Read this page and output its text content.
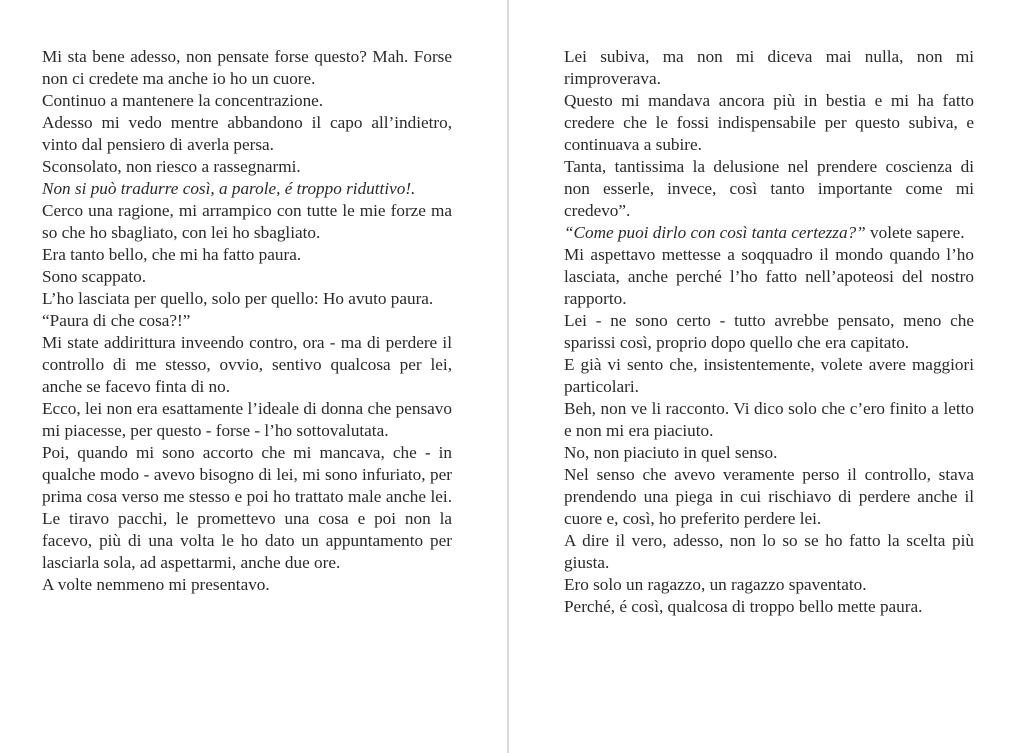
Mi sta bene adesso, non pensate forse questo? Mah. Forse non ci credete ma anche io ho un cuore.

Continuo a mantenere la concentrazione.

Adesso mi vedo mentre abbandono il capo all’indietro, vinto dal pensiero di averla persa.

Sconsolato, non riesco a rassegnarmi.

Non si può tradurre così, a parole, é troppo riduttivo!.

Cerco una ragione, mi arrampico con tutte le mie forze ma so che ho sbagliato, con lei ho sbagliato.

Era tanto bello, che mi ha fatto paura.

Sono scappato.

L’ho lasciata per quello, solo per quello: Ho avuto paura.

“Paura di che cosa?!”

Mi state addirittura inveendo contro, ora - ma di perdere il controllo di me stesso, ovvio, sentivo qualcosa per lei, anche se facevo finta di no.

Ecco, lei non era esattamente l’ideale di donna che pensavo mi piacesse, per questo - forse - l’ho sottovalutata.

Poi, quando mi sono accorto che mi mancava, che - in qualche modo - avevo bisogno di lei, mi sono infuriato, per prima cosa verso me stesso e poi ho trattato male anche lei. Le tiravo pacchi, le promettevo una cosa e poi non la facevo, più di una volta le ho dato un appuntamento per lasciarla sola, ad aspettarmi, anche due ore.

A volte nemmeno mi presentavo.

Lei subiva, ma non mi diceva mai nulla, non mi rimproverava.

Questo mi mandava ancora più in bestia e mi ha fatto credere che le fossi indispensabile per questo subiva, e continuava a subire.

Tanta, tantissima la delusione nel prendere coscienza di non esserle, invece, così tanto importante come mi credevo”.

“Come puoi dirlo con così tanta certezza?” volete sapere.

Mi aspettavo mettesse a soqquadro il mondo quando l’ho lasciata, anche perché l’ho fatto nell’apoteosi del nostro rapporto.

Lei - ne sono certo - tutto avrebbe pensato, meno che sparissi così, proprio dopo quello che era capitato.

E già vi sento che, insistentemente, volete avere maggiori particolari.

Beh, non ve li racconto. Vi dico solo che c’ero finito a letto e non mi era piaciuto.

No, non piaciuto in quel senso.

Nel senso che avevo veramente perso il controllo, stava prendendo una piega in cui rischiavo di perdere anche il cuore e, così, ho preferito perdere lei.

A dire il vero, adesso, non lo so se ho fatto la scelta più giusta.

Ero solo un ragazzo, un ragazzo spaventato.

Perché, é così, qualcosa di troppo bello mette paura.
